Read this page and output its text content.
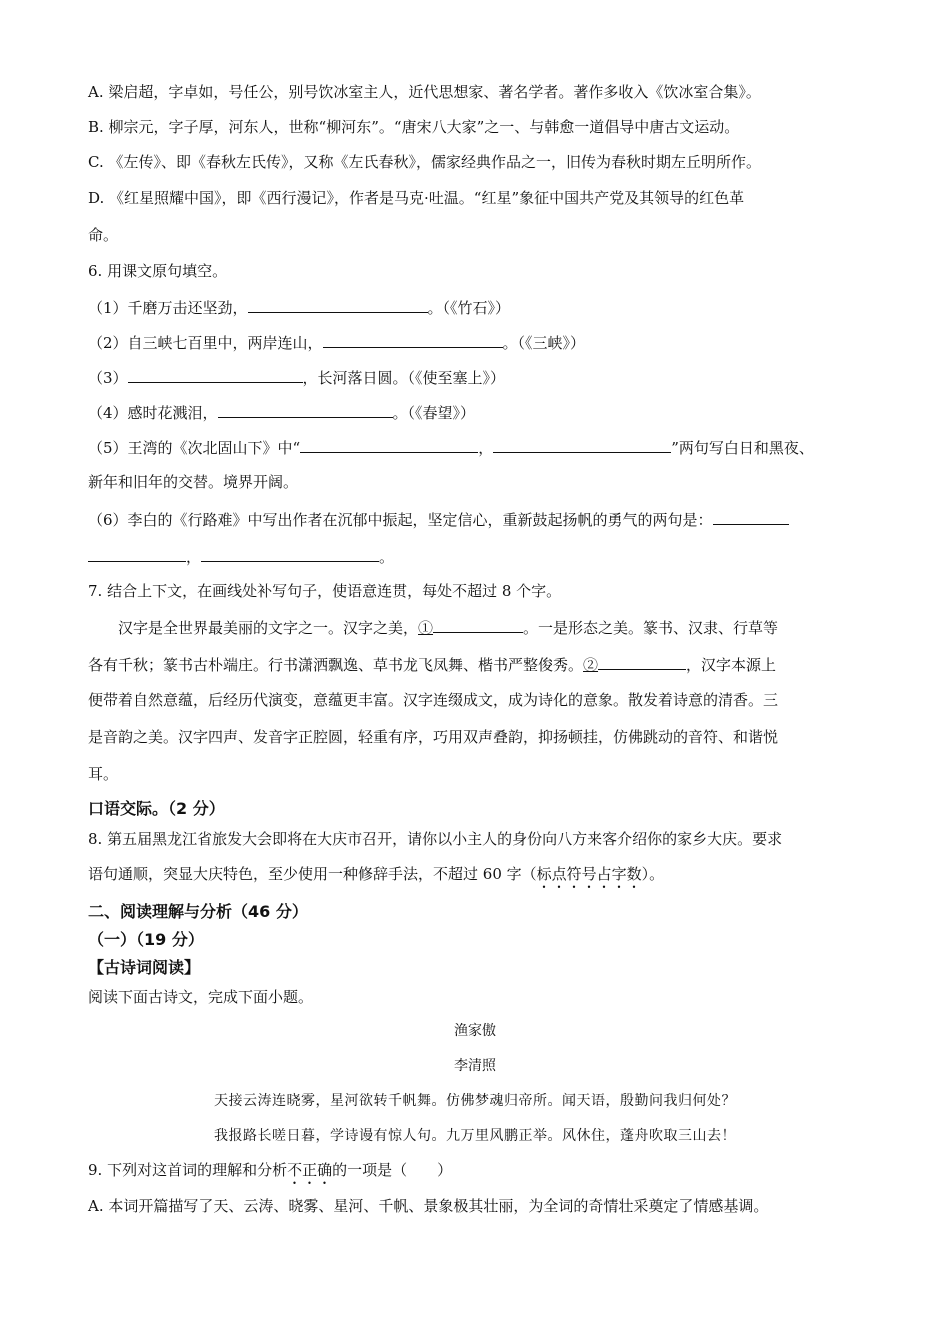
A. 梁启超，字卓如，号任公，别号饮冰室主人，近代思想家、著名学者。著作多收入《饮冰室合集》。
B. 柳宗元，字子厚，河东人，世称“柳河东”。“唐宋八大家”之一、与韩愈一道倡导中唐古文运动。
C. 《左传》、即《春秋左氏传》，又称《左氏春秋》，儒家经典作品之一，旧传为春秋时期左丘明所作。
D. 《红星照耀中国》，即《西行漫记》，作者是马克·吐温。“红星”象征中国共产党及其领导的红色革
命。
6. 用课文原句填空。
（1）千磨万击还坚劲，	。（《竹石》）
（2）自三峡七百里中，两岸连山，	。（《三峡》）
（3）	，长河落日圆。（《使至塞上》）
（4）感时花溅泪，	。（《春望》）
（5）王湾的《次北固山下》中“	，	”两句写白日和黑夜、
新年和旧年的交替。境界开阔。
（6）李白的《行路难》中写出作者在沉郁中振起，坚定信心，重新鼓起扬帆的勇气的两句是：
，	。
7. 结合上下文，在画线处补写句子，使语意连贯，每处不超过 8 个字。
汉字是全世界最美丽的文字之一。汉字之美，①	。一是形态之美。篆书、汉隶、行草等
各有千秋；篆书古朴端庄。行书潇洒飘逸、草书龙飞凤舞、楷书严整俊秀。②	，汉字本源上
便带着自然意蕴，后经历代演变，意蕴更丰富。汉字连缀成文，成为诗化的意象。散发着诗意的清香。三
是音韵之美。汉字四声、发音字正腔圆，轻重有序，巧用双声叠韵，抑扬顿挂，仿佛跳动的音符、和谐悦
耳。
口语交际。（2 分）
8. 第五届黑龙江省旅发大会即将在大庆市召开，请你以小主人的身份向八方来客介绍你的家乡大庆。要求
语句通顺，突显大庆特色，至少使用一种修辞手法，不超过 60 字（标点符号占字数）。
二、阅读理解与分析（46 分）
（一）（19 分）
【古诗词阅读】
阅读下面古诗文，完成下面小题。
渔家傲
李清照
天接云涛连晓雾，星河欲转千帆舞。仿佛梦魂归帝所。闻天语，殷勤问我归何处？
我报路长嗟日暮，学诗谩有惊人句。九万里风鹏正举。风休住，蓬舟吹取三山去！
9. 下列对这首词的理解和分析不正确的一项是（　　）
A. 本词开篇描写了天、云涛、晓雾、星河、千帆、景象极其壮丽，为全词的奇情壮采奠定了情感基调。
